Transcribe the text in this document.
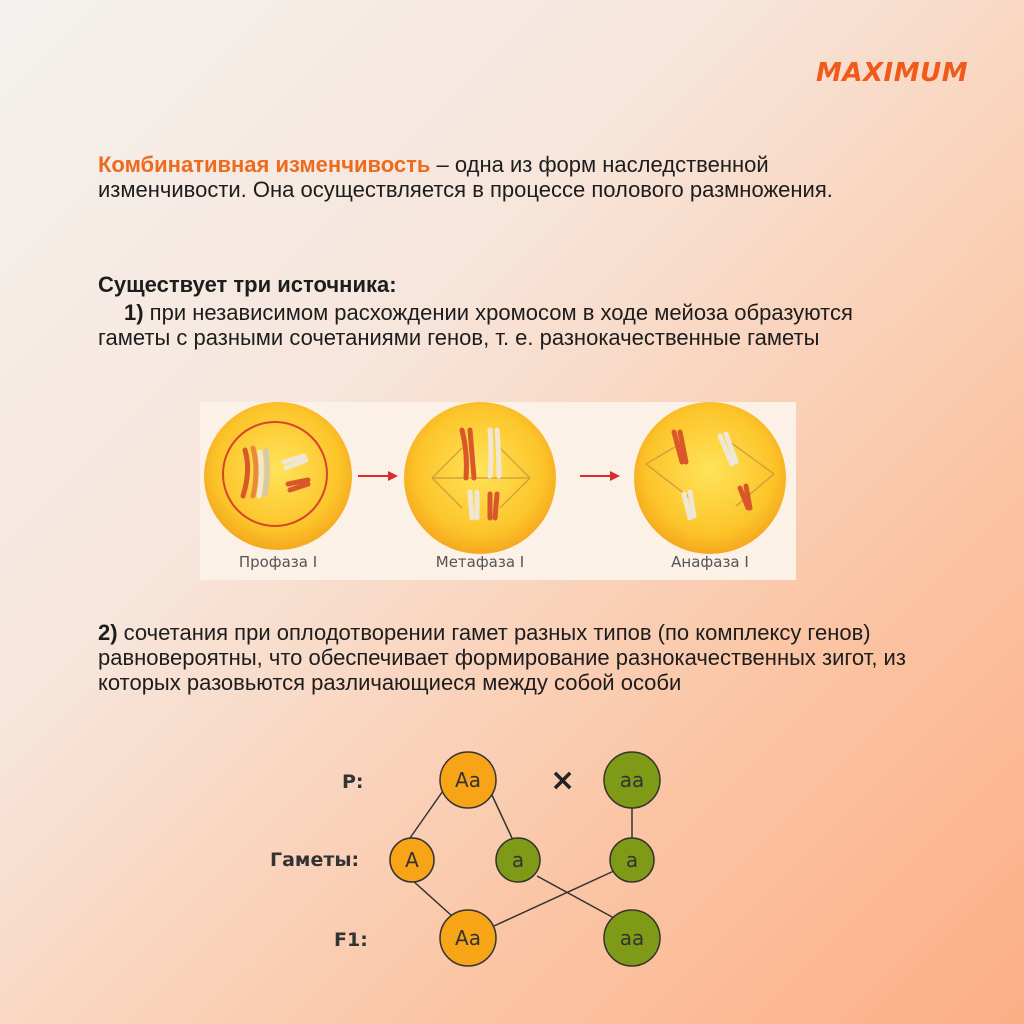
MAXIMUM

Комбинативная изменчивость – одна из форм наследственной изменчивости. Она осуществляется в процессе полового размножения.

Существует три источника:

1) при независимом расхождении хромосом в ходе мейоза образуются гаметы с разными сочетаниями генов, т. е. разнокачественные гаметы

Профаза I	Метафаза I	Анафаза I

2) сочетания при оплодотворении гамет разных типов (по комплексу генов) равновероятны, что обеспечивает формирование разнокачественных зигот, из которых разовьются различающиеся между собой особи

P:
Гаметы:
F1:
×
Aa	aa
A	a	a
Aa	aa
